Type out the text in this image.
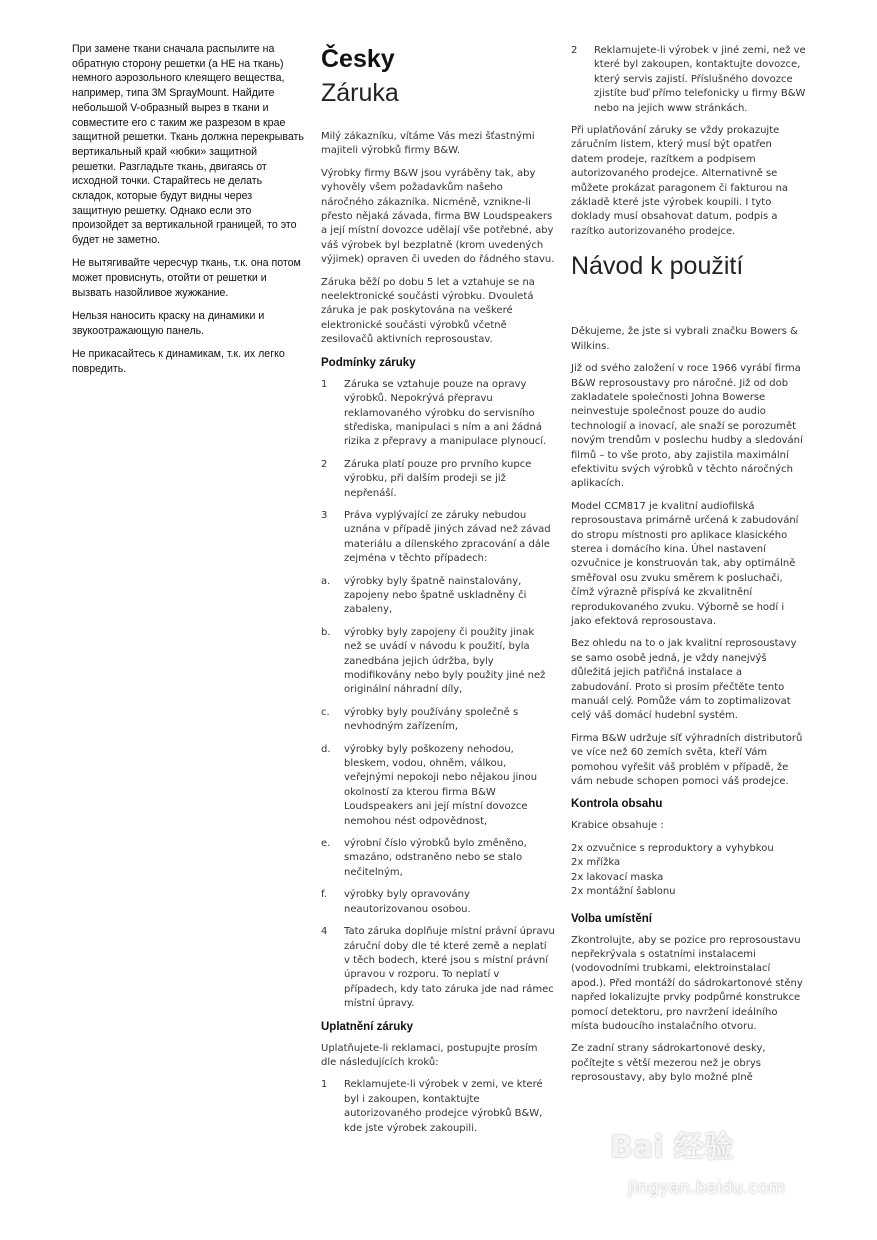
При замене ткани сначала распылите на обратную сторону решетки (а НЕ на ткань) немного аэрозольного клеящего вещества, например, типа 3М SprayMount. Найдите небольшой V-образный вырез в ткани и совместите его с таким же разрезом в крае защитной решетки. Ткань должна перекрывать вертикальный край «юбки» защитной решетки. Разгладьте ткань, двигаясь от исходной точки. Старайтесь не делать складок, которые будут видны через защитную решетку. Однако если это произойдет за вертикальной границей, то это будет не заметно.

Не вытягивайте чересчур ткань, т.к. она потом может провиснуть, отойти от решетки и вызвать назойливое жужжание.

Нельзя наносить краску на динамики и звукоотражающую панель.

Не прикасайтесь к динамикам, т.к. их легко повредить.

Česky
Záruka
Milý zákazníku, vítáme Vás mezi šťastnými majiteli výrobků firmy B&W.
Výrobky firmy B&W jsou vyráběny tak, aby vyhověly všem požadavkům našeho náročného zákazníka. Nicméně, vznikne-li přesto nějaká závada, firma BW Loudspeakers a její místní dovozce udělají vše potřebné, aby váš výrobek byl bezplatně (krom uvedených výjimek) opraven či uveden do řádného stavu.
Záruka běží po dobu 5 let a vztahuje se na neelektronické součásti výrobku. Dvouletá záruka je pak poskytována na veškeré elektronické součásti výrobků včetně zesilovačů aktivních reprosoustav.
Podmínky záruky
1 Záruka se vztahuje pouze na opravy výrobků. Nepokrývá přepravu reklamovaného výrobku do servisního střediska, manipulaci s ním a ani žádná rizika z přepravy a manipulace plynoucí.
2 Záruka platí pouze pro prvního kupce výrobku, při dalším prodeji se již nepřenáší.
3 Práva vyplývající ze záruky nebudou uznána v případě jiných závad než závad materiálu a dílenského zpracování a dále zejména v těchto případech:
a. výrobky byly špatně nainstalovány, zapojeny nebo špatně uskladněny či zabaleny,
b. výrobky byly zapojeny či použity jinak než se uvádí v návodu k použití, byla zanedbána jejich údržba, byly modifikovány nebo byly použity jiné než originální náhradní díly,
c. výrobky byly používány společně s nevhodným zařízením,
d. výrobky byly poškozeny nehodou, bleskem, vodou, ohněm, válkou, veřejnými nepokoji nebo nějakou jinou okolností za kterou firma B&W Loudspeakers ani její místní dovozce nemohou nést odpovědnost,
e. výrobní číslo výrobků bylo změněno, smazáno, odstraněno nebo se stalo nečitelným,
f. výrobky byly opravovány neautorizovanou osobou.
4 Tato záruka doplňuje místní právní úpravu záruční doby dle té které země a neplatí v těch bodech, které jsou s místní právní úpravou v rozporu. To neplatí v případech, kdy tato záruka jde nad rámec místní úpravy.
Uplatnění záruky
Uplatňujete-li reklamaci, postupujte prosím dle následujících kroků:
1 Reklamujete-li výrobek v zemi, ve které byl i zakoupen, kontaktujte autorizovaného prodejce výrobků B&W, kde jste výrobek zakoupili.
2 Reklamujete-li výrobek v jiné zemi, než ve které byl zakoupen, kontaktujte dovozce, který servis zajistí. Příslušného dovozce zjistíte buď přímo telefonicky u firmy B&W nebo na jejich www stránkách.
Při uplatňování záruky se vždy prokazujte záručním listem, který musí být opatřen datem prodeje, razítkem a podpisem autorizovaného prodejce. Alternativně se můžete prokázat paragonem či fakturou na základě které jste výrobek koupili. I tyto doklady musí obsahovat datum, podpis a razítko autorizovaného prodejce.
Návod k použití
Děkujeme, že jste si vybrali značku Bowers & Wilkins.
Již od svého založení v roce 1966 vyrábí firma B&W reprosoustavy pro náročné. Již od dob zakladatele společnosti Johna Bowerse neinvestuje společnost pouze do audio technologií a inovací, ale snaží se porozumět novým trendům v poslechu hudby a sledování filmů – to vše proto, aby zajistila maximální efektivitu svých výrobků v těchto náročných aplikacích.
Model CCM817 je kvalitní audiofilská reprosoustava primárně určená k zabudování do stropu místnosti pro aplikace klasického sterea i domácího kina. Úhel nastavení ozvučnice je konstruován tak, aby optimálně směřoval osu zvuku směrem k posluchači, čímž výrazně přispívá ke zkvalitnění reprodukovaného zvuku. Výborně se hodí i jako efektová reprosoustava.
Bez ohledu na to o jak kvalitní reprosoustavy se samo osobě jedná, je vždy nanejvýš důležitá jejich patřičná instalace a zabudování. Proto si prosím přečtěte tento manuál celý. Pomůže vám to zoptimalizovat celý váš domácí hudební systém.
Firma B&W udržuje síť výhradních distributorů ve více než 60 zemích světa, kteří Vám pomohou vyřešit váš problém v případě, že vám nebude schopen pomoci váš prodejce.
Kontrola obsahu
Krabice obsahuje :
2x ozvučnice s reproduktory a vyhybkou
2x mřížka
2x lakovací maska
2x montážní šablonu
Volba umístění
Zkontrolujte, aby se pozice pro reprosoustavu nepřekrývala s ostatními instalacemi (vodovodními trubkami, elektroinstalací apod.). Před montáží do sádrokartonové stěny napřed lokalizujte prvky podpůrné konstrukce pomocí detektoru, pro navržení ideálního místa budoucího instalačního otvoru.
Ze zadní strany sádrokartonové desky, počítejte s větší mezerou než je obrys reprosoustavy, aby bylo možné plně
Bai 经验
jingyan.baidu.com
